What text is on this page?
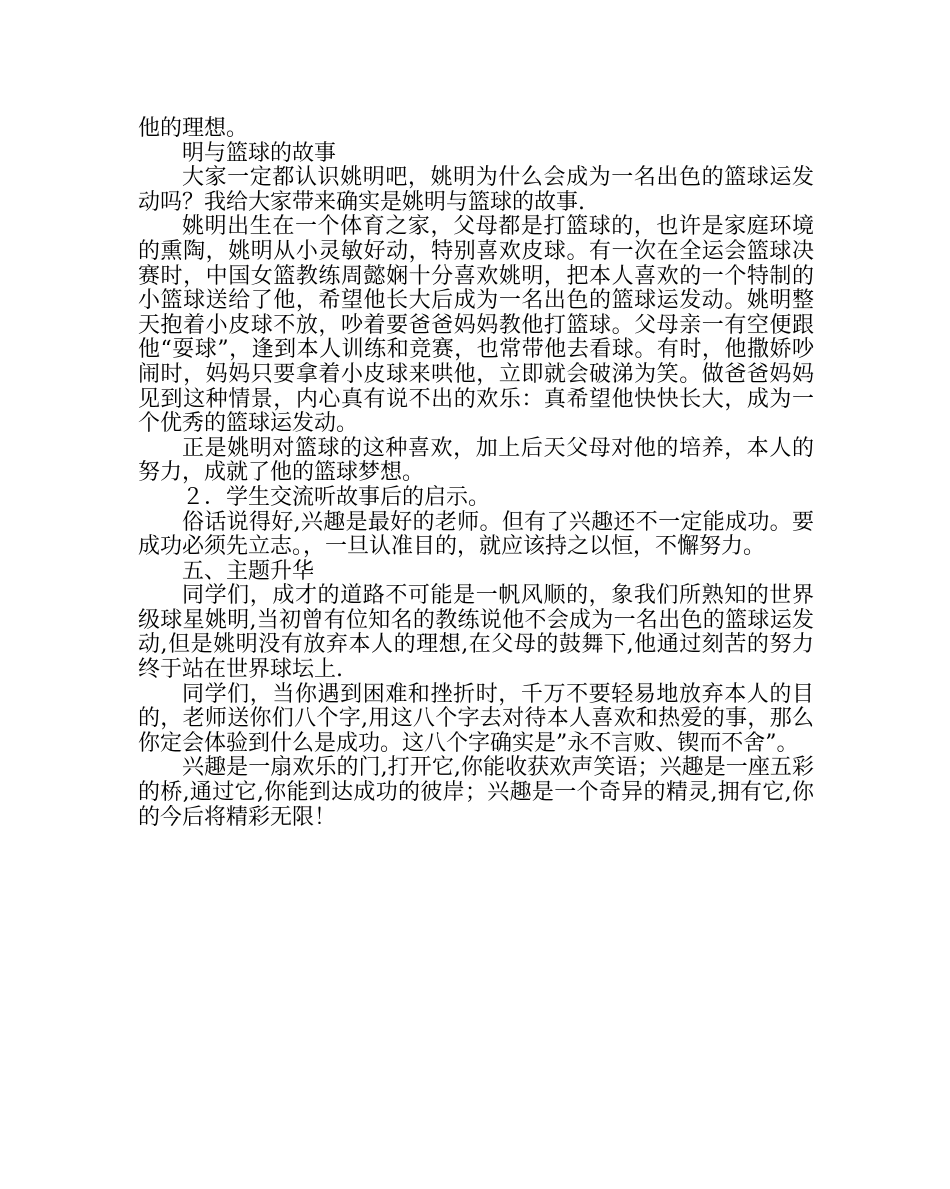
他的理想。

明与篮球的故事

大家一定都认识姚明吧，姚明为什么会成为一名出色的篮球运发动吗？我给大家带来确实是姚明与篮球的故事.

姚明出生在一个体育之家，父母都是打篮球的，也许是家庭环境的熏陶，姚明从小灵敏好动，特别喜欢皮球。有一次在全运会篮球决赛时，中国女篮教练周懿娴十分喜欢姚明，把本人喜欢的一个特制的小篮球送给了他，希望他长大后成为一名出色的篮球运发动。姚明整天抱着小皮球不放，吵着要爸爸妈妈教他打篮球。父母亲一有空便跟他“耍球”，逢到本人训练和竞赛，也常带他去看球。有时，他撒娇吵闹时，妈妈只要拿着小皮球来哄他，立即就会破涕为笑。做爸爸妈妈见到这种情景，内心真有说不出的欢乐：真希望他快快长大，成为一个优秀的篮球运发动。

正是姚明对篮球的这种喜欢，加上后天父母对他的培养，本人的努力，成就了他的篮球梦想。

２．学生交流听故事后的启示。

俗话说得好,兴趣是最好的老师。但有了兴趣还不一定能成功。要成功必须先立志。，一旦认准目的，就应该持之以恒，不懈努力。

五、主题升华

同学们，成才的道路不可能是一帆风顺的，象我们所熟知的世界级球星姚明,当初曾有位知名的教练说他不会成为一名出色的篮球运发动,但是姚明没有放弃本人的理想,在父母的鼓舞下,他通过刻苦的努力终于站在世界球坛上.

同学们，当你遇到困难和挫折时，千万不要轻易地放弃本人的目的，老师送你们八个字,用这八个字去对待本人喜欢和热爱的事，那么你定会体验到什么是成功。这八个字确实是”永不言败、锲而不舍”。

兴趣是一扇欢乐的门,打开它,你能收获欢声笑语；兴趣是一座五彩的桥,通过它,你能到达成功的彼岸；兴趣是一个奇异的精灵,拥有它,你的今后将精彩无限！
